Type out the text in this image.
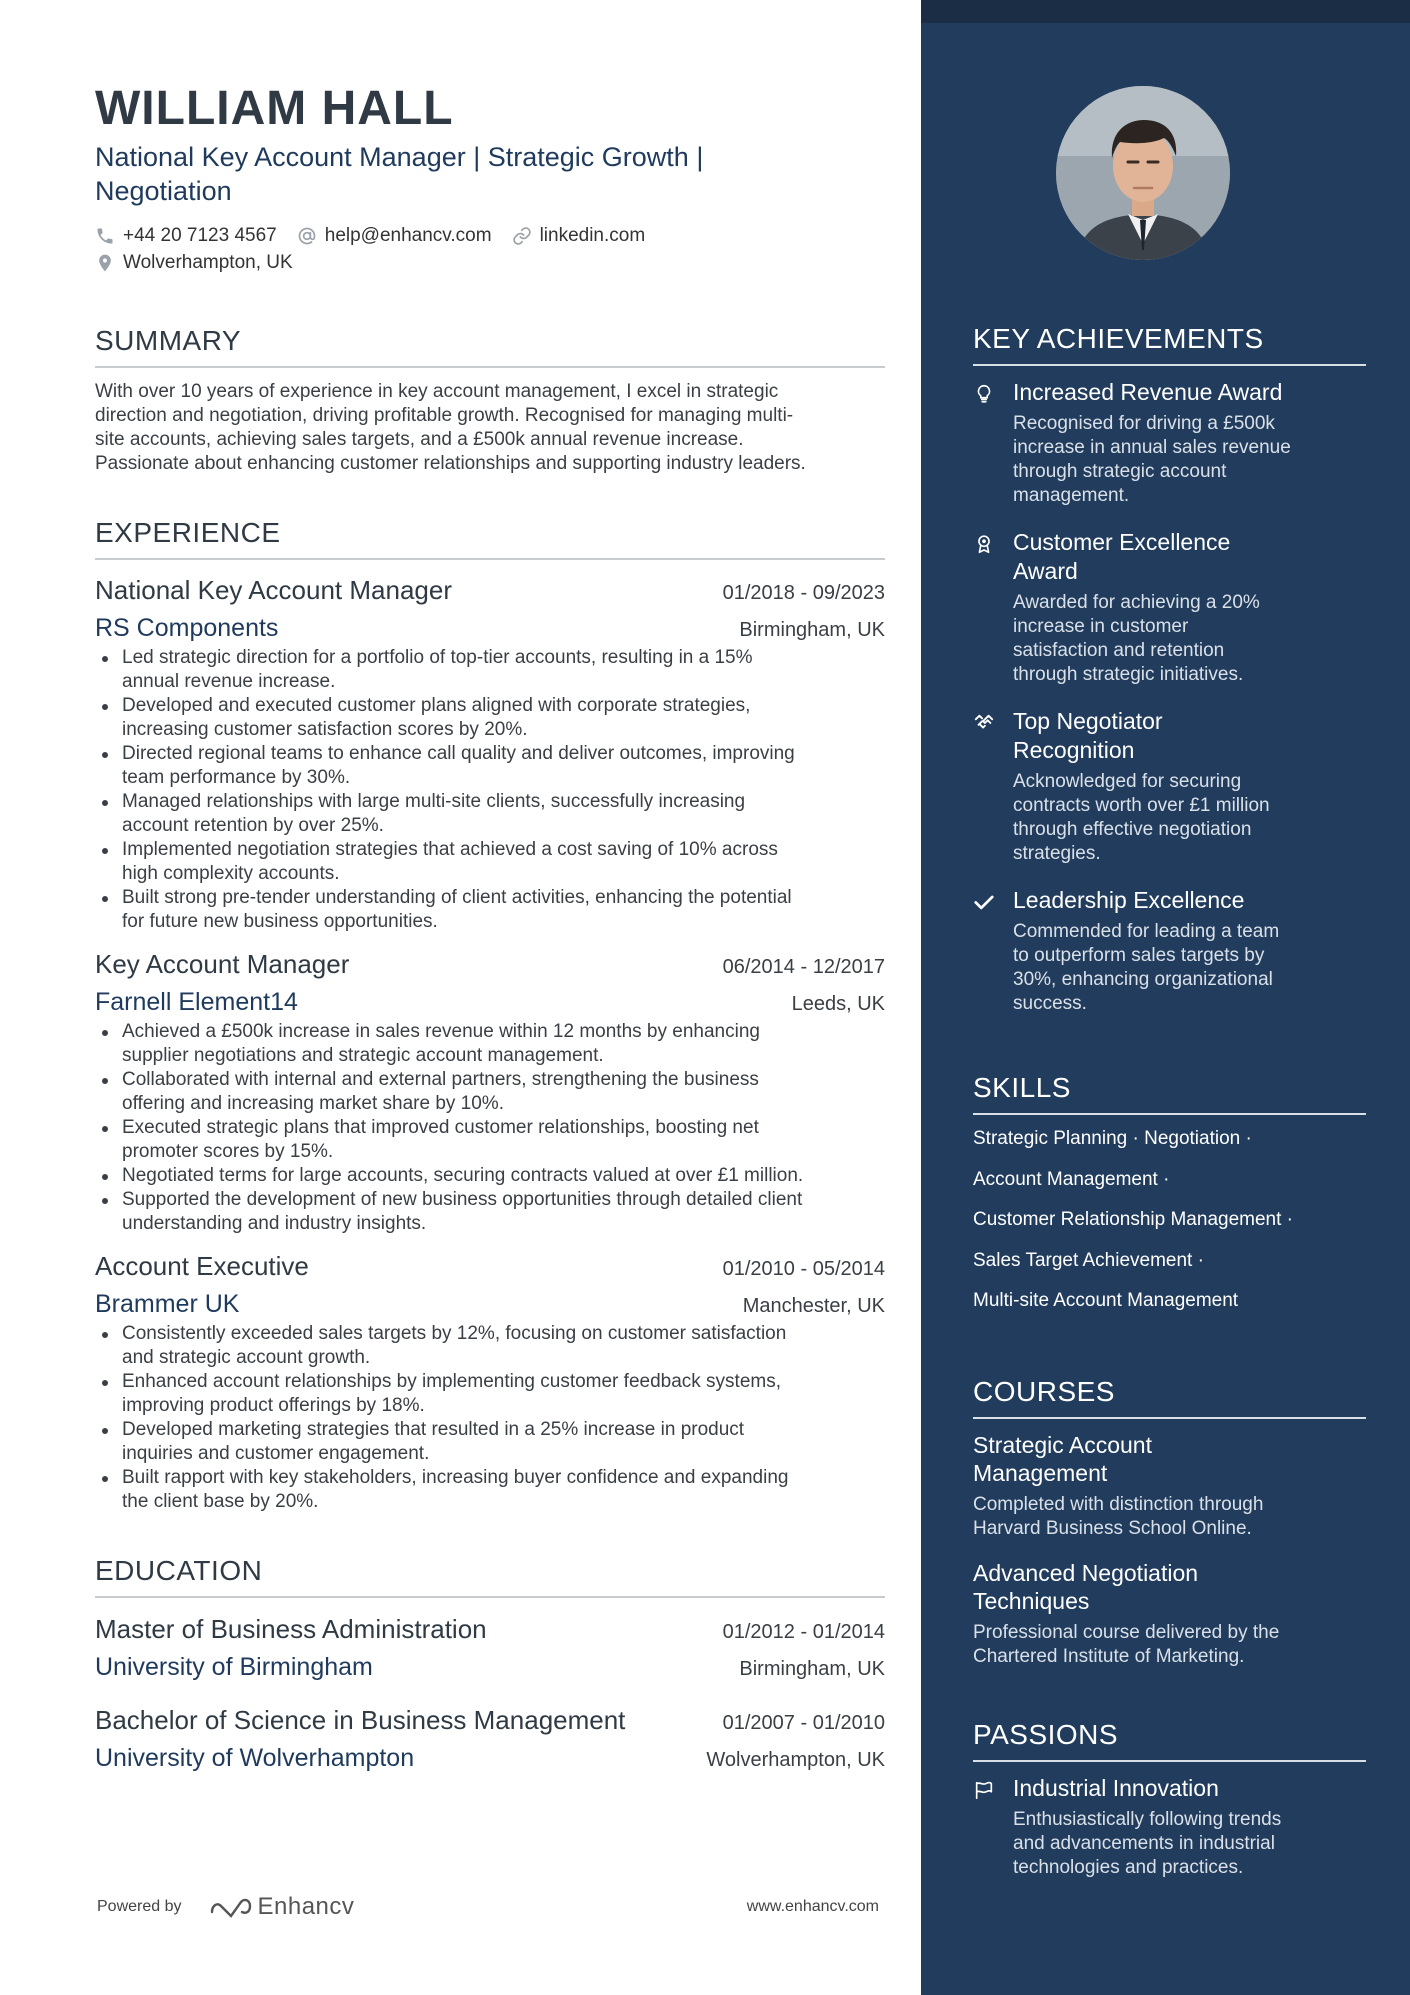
WILLIAM HALL
National Key Account Manager | Strategic Growth |
Negotiation
+44 20 7123 4567	help@enhancv.com	linkedin.com
Wolverhampton, UK
SUMMARY
With over 10 years of experience in key account management, I excel in strategic
direction and negotiation, driving profitable growth. Recognised for managing multi-
site accounts, achieving sales targets, and a £500k annual revenue increase.
Passionate about enhancing customer relationships and supporting industry leaders.
EXPERIENCE
National Key Account Manager	01/2018 - 09/2023
RS Components	Birmingham, UK
Led strategic direction for a portfolio of top-tier accounts, resulting in a 15%
annual revenue increase.
Developed and executed customer plans aligned with corporate strategies,
increasing customer satisfaction scores by 20%.
Directed regional teams to enhance call quality and deliver outcomes, improving
team performance by 30%.
Managed relationships with large multi-site clients, successfully increasing
account retention by over 25%.
Implemented negotiation strategies that achieved a cost saving of 10% across
high complexity accounts.
Built strong pre-tender understanding of client activities, enhancing the potential
for future new business opportunities.
Key Account Manager	06/2014 - 12/2017
Farnell Element14	Leeds, UK
Achieved a £500k increase in sales revenue within 12 months by enhancing
supplier negotiations and strategic account management.
Collaborated with internal and external partners, strengthening the business
offering and increasing market share by 10%.
Executed strategic plans that improved customer relationships, boosting net
promoter scores by 15%.
Negotiated terms for large accounts, securing contracts valued at over £1 million.
Supported the development of new business opportunities through detailed client
understanding and industry insights.
Account Executive	01/2010 - 05/2014
Brammer UK	Manchester, UK
Consistently exceeded sales targets by 12%, focusing on customer satisfaction
and strategic account growth.
Enhanced account relationships by implementing customer feedback systems,
improving product offerings by 18%.
Developed marketing strategies that resulted in a 25% increase in product
inquiries and customer engagement.
Built rapport with key stakeholders, increasing buyer confidence and expanding
the client base by 20%.
EDUCATION
Master of Business Administration	01/2012 - 01/2014
University of Birmingham	Birmingham, UK
Bachelor of Science in Business Management	01/2007 - 01/2010
University of Wolverhampton	Wolverhampton, UK
Powered by	Enhancv	www.enhancv.com
KEY ACHIEVEMENTS
Increased Revenue Award
Recognised for driving a £500k
increase in annual sales revenue
through strategic account
management.
Customer Excellence
Award
Awarded for achieving a 20%
increase in customer
satisfaction and retention
through strategic initiatives.
Top Negotiator
Recognition
Acknowledged for securing
contracts worth over £1 million
through effective negotiation
strategies.
Leadership Excellence
Commended for leading a team
to outperform sales targets by
30%, enhancing organizational
success.
SKILLS
Strategic Planning · Negotiation ·
Account Management ·
Customer Relationship Management ·
Sales Target Achievement ·
Multi-site Account Management
COURSES
Strategic Account
Management
Completed with distinction through
Harvard Business School Online.
Advanced Negotiation
Techniques
Professional course delivered by the
Chartered Institute of Marketing.
PASSIONS
Industrial Innovation
Enthusiastically following trends
and advancements in industrial
technologies and practices.
